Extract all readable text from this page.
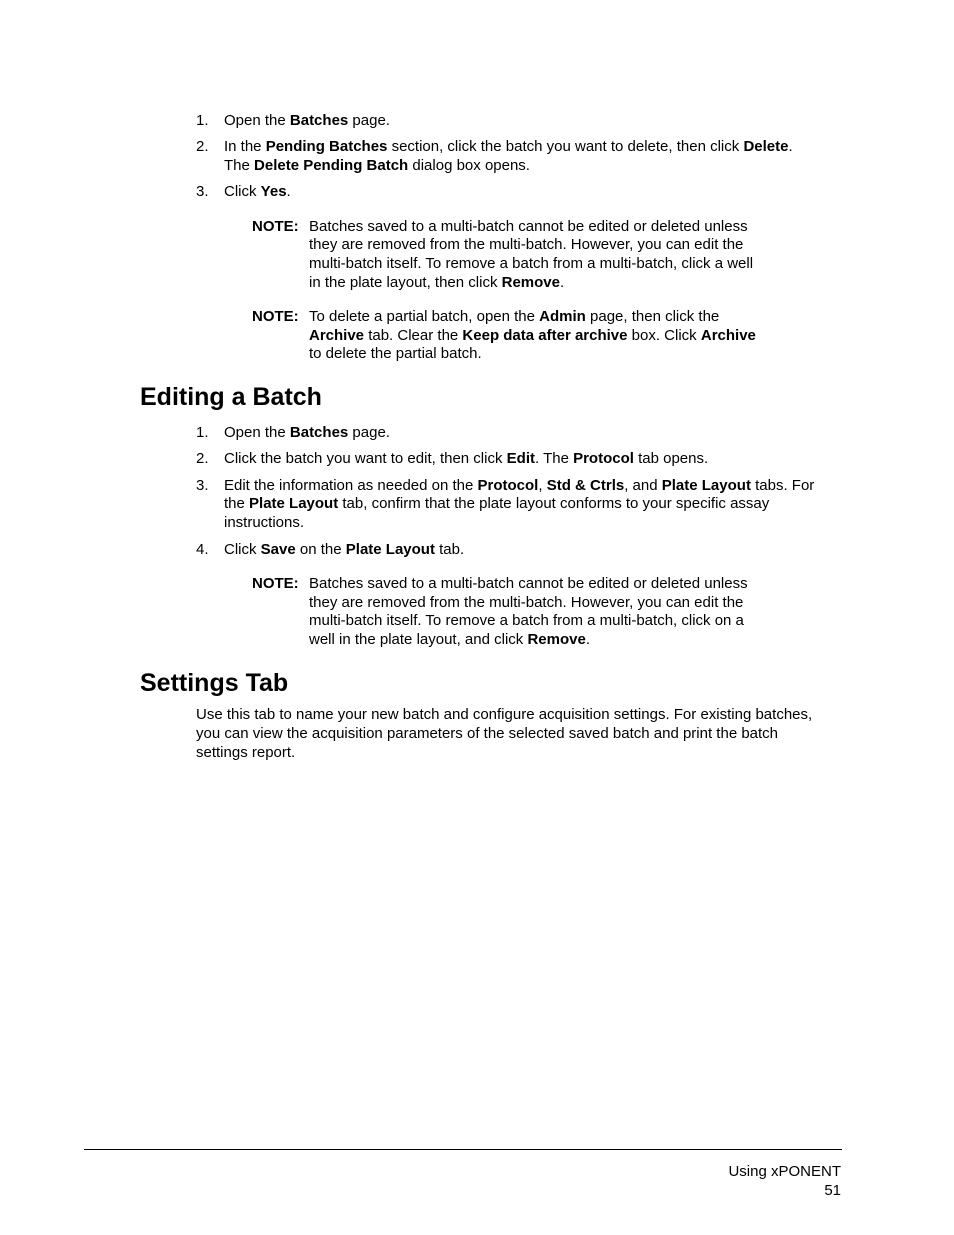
1. Open the Batches page.
2. In the Pending Batches section, click the batch you want to delete, then click Delete.
The Delete Pending Batch dialog box opens.
3. Click Yes.
NOTE: Batches saved to a multi-batch cannot be edited or deleted unless
they are removed from the multi-batch. However, you can edit the
multi-batch itself. To remove a batch from a multi-batch, click a well
in the plate layout, then click Remove.
NOTE: To delete a partial batch, open the Admin page, then click the
Archive tab. Clear the Keep data after archive box. Click Archive
to delete the partial batch.
Editing a Batch
1. Open the Batches page.
2. Click the batch you want to edit, then click Edit. The Protocol tab opens.
3. Edit the information as needed on the Protocol, Std & Ctrls, and Plate Layout tabs. For
the Plate Layout tab, confirm that the plate layout conforms to your specific assay
instructions.
4. Click Save on the Plate Layout tab.
NOTE: Batches saved to a multi-batch cannot be edited or deleted unless
they are removed from the multi-batch. However, you can edit the
multi-batch itself. To remove a batch from a multi-batch, click on a
well in the plate layout, and click Remove.
Settings Tab
Use this tab to name your new batch and configure acquisition settings. For existing batches,
you can view the acquisition parameters of the selected saved batch and print the batch
settings report.
Using xPONENT
51
